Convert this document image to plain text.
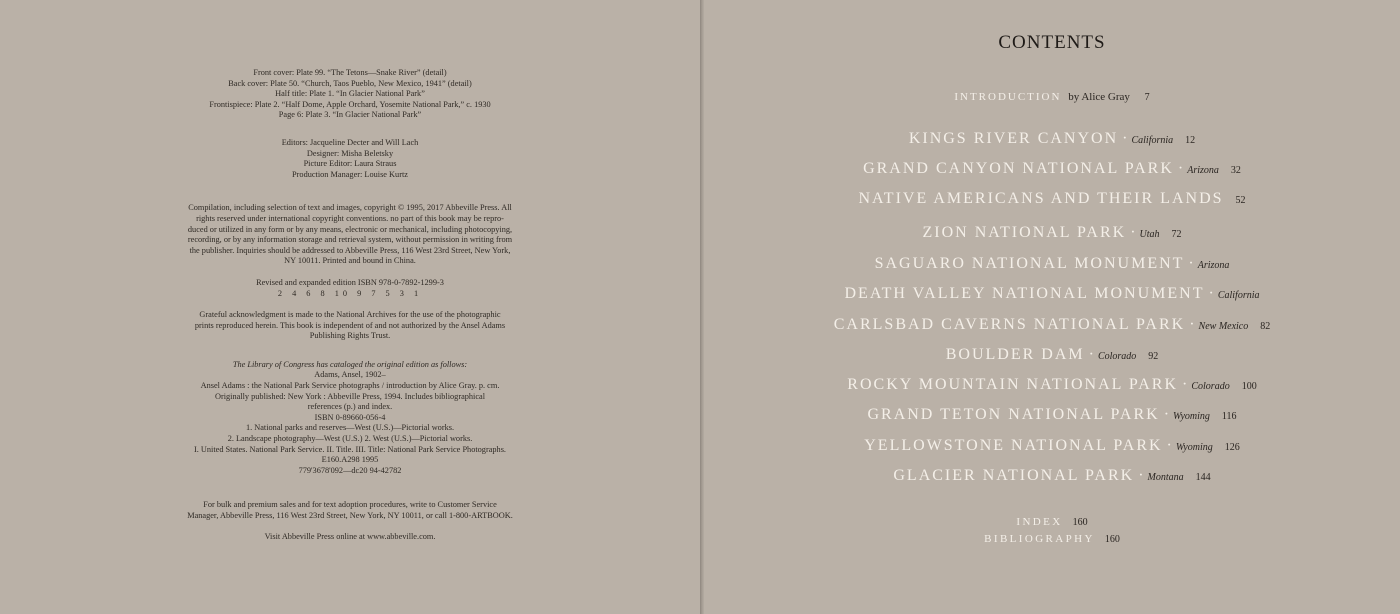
Front cover: Plate 99. “The Tetons—Snake River” (detail)
Back cover: Plate 50. “Church, Taos Pueblo, New Mexico, 1941” (detail)
Half title: Plate 1. “In Glacier National Park”
Frontispiece: Plate 2. “Half Dome, Apple Orchard, Yosemite National Park,” c. 1930
Page 6: Plate 3. “In Glacier National Park”
Editors: Jacqueline Decter and Will Lach
Designer: Misha Beletsky
Picture Editor: Laura Straus
Production Manager: Louise Kurtz
Compilation, including selection of text and images, copyright © 1995, 2017 Abbeville Press. All
rights reserved under international copyright conventions. no part of this book may be repro-
duced or utilized in any form or by any means, electronic or mechanical, including photocopying,
recording, or by any information storage and retrieval system, without permission in writing from
the publisher. Inquiries should be addressed to Abbeville Press, 116 West 23rd Street, New York,
NY 10011. Printed and bound in China.
Revised and expanded edition ISBN 978-0-7892-1299-3
2 4 6 8 10 9 7 5 3 1
Grateful acknowledgment is made to the National Archives for the use of the photographic
prints reproduced herein. This book is independent of and not authorized by the Ansel Adams
Publishing Rights Trust.
The Library of Congress has cataloged the original edition as follows:
Adams, Ansel, 1902–
Ansel Adams : the National Park Service photographs / introduction by Alice Gray. p. cm.
Originally published: New York : Abbeville Press, 1994. Includes bibliographical
references (p.) and index.
ISBN 0-89660-056-4
1. National parks and reserves—West (U.S.)—Pictorial works.
2. Landscape photography—West (U.S.) 2. West (U.S.)—Pictorial works.
I. United States. National Park Service. II. Title. III. Title: National Park Service Photographs.
E160.A298 1995
779'3678'092—dc20 94-42782
For bulk and premium sales and for text adoption procedures, write to Customer Service
Manager, Abbeville Press, 116 West 23rd Street, New York, NY 10011, or call 1-800-ARTBOOK.
Visit Abbeville Press online at www.abbeville.com.
CONTENTS
INTRODUCTION by Alice Gray 7
KINGS RIVER CANYON · California 12
GRAND CANYON NATIONAL PARK · Arizona 32
NATIVE AMERICANS AND THEIR LANDS 52
ZION NATIONAL PARK · Utah 72
SAGUARO NATIONAL MONUMENT · Arizona
DEATH VALLEY NATIONAL MONUMENT · California
CARLSBAD CAVERNS NATIONAL PARK · New Mexico 82
BOULDER DAM · Colorado 92
ROCKY MOUNTAIN NATIONAL PARK · Colorado 100
GRAND TETON NATIONAL PARK · Wyoming 116
YELLOWSTONE NATIONAL PARK · Wyoming 126
GLACIER NATIONAL PARK · Montana 144
INDEX 160
BIBLIOGRAPHY 160
